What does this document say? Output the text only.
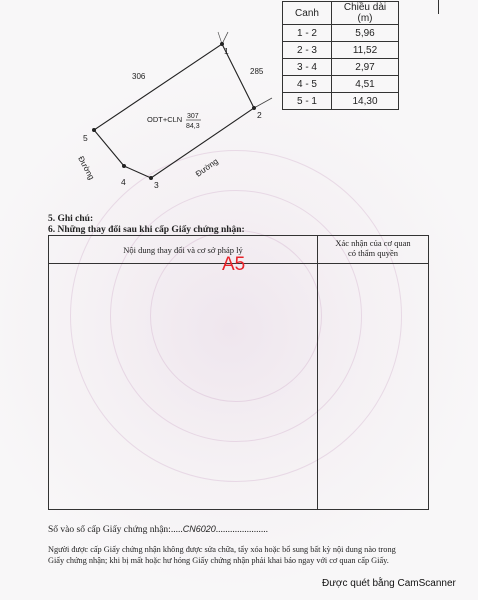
Canh	Chiều dài (m)
1 - 2	5,96
2 - 3	11,52
3 - 4	2,97
4 - 5	4,51
5 - 1	14,30
1
2
3
4
5
306
285
ODT+CLN 307
84,3
Đường	Đường
5. Ghi chú:
6. Những thay đổi sau khi cấp Giấy chứng nhận:
Nội dung thay đổi và cơ sở pháp lý
Xác nhận của cơ quan
có thẩm quyền
A5
Số vào sổ cấp Giấy chứng nhận:.....CN6020......................
Người được cấp Giấy chứng nhận không được sửa chữa, tẩy xóa hoặc bổ sung bất kỳ nội dung nào trong
Giấy chứng nhận; khi bị mất hoặc hư hỏng Giấy chứng nhận phải khai báo ngay với cơ quan cấp Giấy.
Được quét bằng CamScanner
